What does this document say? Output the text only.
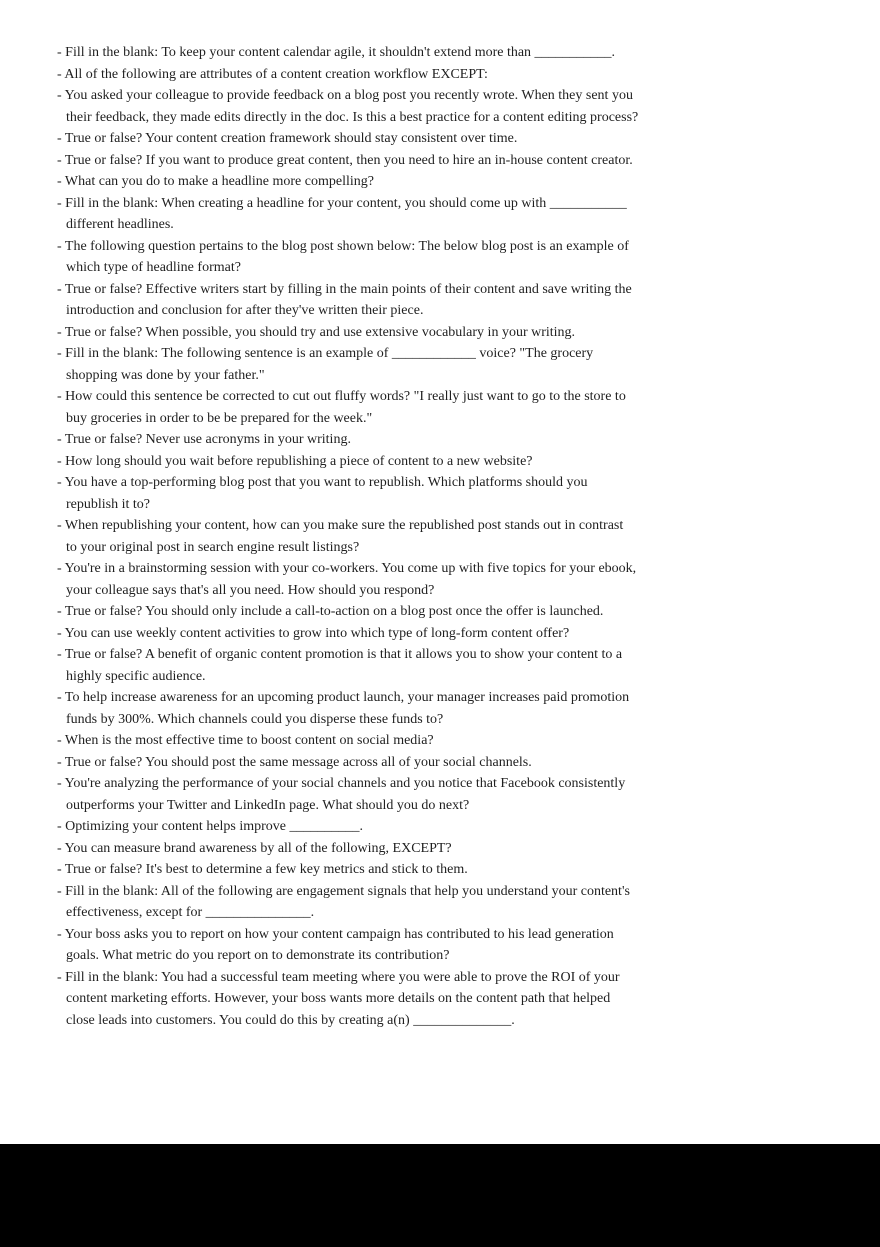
- Fill in the blank: To keep your content calendar agile, it shouldn't extend more than ___________.
- All of the following are attributes of a content creation workflow EXCEPT:
- You asked your colleague to provide feedback on a blog post you recently wrote. When they sent you
their feedback, they made edits directly in the doc. Is this a best practice for a content editing process?
- True or false? Your content creation framework should stay consistent over time.
- True or false? If you want to produce great content, then you need to hire an in-house content creator.
- What can you do to make a headline more compelling?
- Fill in the blank: When creating a headline for your content, you should come up with ___________
different headlines.
- The following question pertains to the blog post shown below: The below blog post is an example of
which type of headline format?
- True or false? Effective writers start by filling in the main points of their content and save writing the
introduction and conclusion for after they've written their piece.
- True or false? When possible, you should try and use extensive vocabulary in your writing.
- Fill in the blank: The following sentence is an example of ____________ voice? "The grocery
shopping was done by your father."
- How could this sentence be corrected to cut out fluffy words? "I really just want to go to the store to
buy groceries in order to be be prepared for the week."
- True or false? Never use acronyms in your writing.
- How long should you wait before republishing a piece of content to a new website?
- You have a top-performing blog post that you want to republish. Which platforms should you
republish it to?
- When republishing your content, how can you make sure the republished post stands out in contrast
to your original post in search engine result listings?
- You're in a brainstorming session with your co-workers. You come up with five topics for your ebook,
your colleague says that's all you need. How should you respond?
- True or false? You should only include a call-to-action on a blog post once the offer is launched.
- You can use weekly content activities to grow into which type of long-form content offer?
- True or false? A benefit of organic content promotion is that it allows you to show your content to a
highly specific audience.
- To help increase awareness for an upcoming product launch, your manager increases paid promotion
funds by 300%. Which channels could you disperse these funds to?
- When is the most effective time to boost content on social media?
- True or false? You should post the same message across all of your social channels.
- You're analyzing the performance of your social channels and you notice that Facebook consistently
outperforms your Twitter and LinkedIn page. What should you do next?
- Optimizing your content helps improve __________.
- You can measure brand awareness by all of the following, EXCEPT?
- True or false? It's best to determine a few key metrics and stick to them.
- Fill in the blank: All of the following are engagement signals that help you understand your content's
effectiveness, except for _______________.
- Your boss asks you to report on how your content campaign has contributed to his lead generation
goals. What metric do you report on to demonstrate its contribution?
- Fill in the blank: You had a successful team meeting where you were able to prove the ROI of your
content marketing efforts. However, your boss wants more details on the content path that helped
close leads into customers. You could do this by creating a(n) ______________.
